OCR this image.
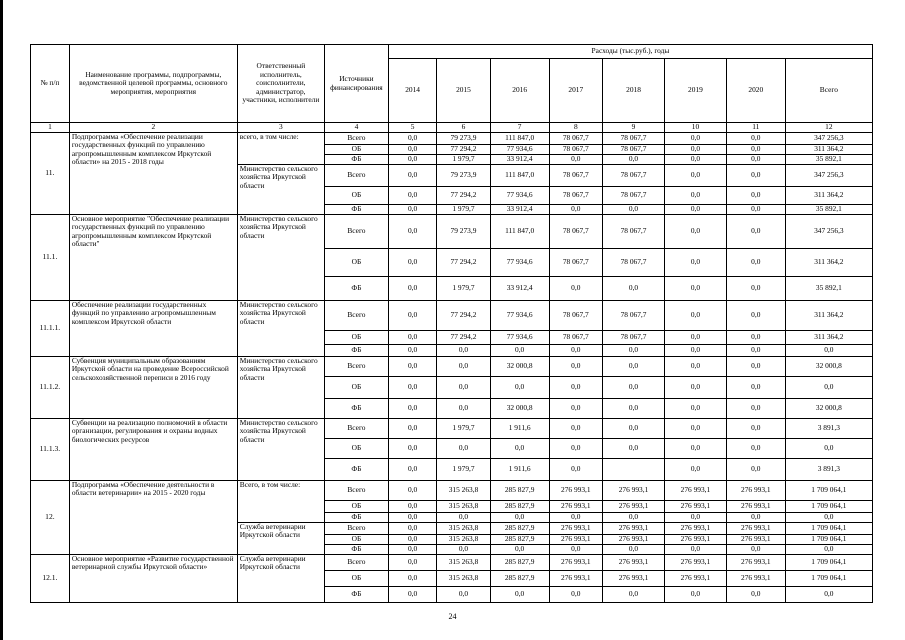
№ п/п	Наименование программы, подпрограммы, ведомственной целевой программы, основного мероприятия, мероприятия	Ответственный исполнитель, соисполнители, администратор, участники, исполнители	Источники финансирования	Расходы (тыс.руб.), годы							
				2014	2015	2016	2017	2018	2019	2020	Всего
1	2	3	4	5	6	7	8	9	10	11	12
11.	Подпрограмма «Обеспечение реализации государственных функций по управлению агропромышленным комплексом Иркутской области» на 2015 - 2018 годы	всего, в том числе:	Всего	0,0	79 273,9	111 847,0	78 067,7	78 067,7	0,0	0,0	347 256,3
			ОБ	0,0	77 294,2	77 934,6	78 067,7	78 067,7	0,0	0,0	311 364,2
			ФБ	0,0	1 979,7	33 912,4	0,0	0,0	0,0	0,0	35 892,1
		Министерство сельского хозяйства Иркутской области	Всего	0,0	79 273,9	111 847,0	78 067,7	78 067,7	0,0	0,0	347 256,3
			ОБ	0,0	77 294,2	77 934,6	78 067,7	78 067,7	0,0	0,0	311 364,2
			ФБ	0,0	1 979,7	33 912,4	0,0	0,0	0,0	0,0	35 892,1
11.1.	Основное мероприятие "Обеспечение реализации государственных функций по управлению агропромышленным комплексом Иркутской области"	Министерство сельского хозяйства Иркутской области	Всего	0,0	79 273,9	111 847,0	78 067,7	78 067,7	0,0	0,0	347 256,3
			ОБ	0,0	77 294,2	77 934,6	78 067,7	78 067,7	0,0	0,0	311 364,2
			ФБ	0,0	1 979,7	33 912,4	0,0	0,0	0,0	0,0	35 892,1
11.1.1.	Обеспечение реализации государственных функций по управлению агропромышленным комплексом Иркутской области	Министерство сельского хозяйства Иркутской области	Всего	0,0	77 294,2	77 934,6	78 067,7	78 067,7	0,0	0,0	311 364,2
			ОБ	0,0	77 294,2	77 934,6	78 067,7	78 067,7	0,0	0,0	311 364,2
			ФБ	0,0	0,0	0,0	0,0	0,0	0,0	0,0	0,0
11.1.2.	Субвенция муниципальным образованиям Иркутской области на проведение Всероссийской сельскохозяйственной переписи в 2016 году	Министерство сельского хозяйства Иркутской области	Всего	0,0	0,0	32 000,8	0,0	0,0	0,0	0,0	32 000,8
			ОБ	0,0	0,0	0,0	0,0	0,0	0,0	0,0	0,0
			ФБ	0,0	0,0	32 000,8	0,0	0,0	0,0	0,0	32 000,8
11.1.3.	Субвенции на реализацию полномочий в области организации, регулирования и охраны водных биологических ресурсов	Министерство сельского хозяйства Иркутской области	Всего	0,0	1 979,7	1 911,6	0,0	0,0	0,0	0,0	3 891,3
			ОБ	0,0	0,0	0,0	0,0	0,0	0,0	0,0	0,0
			ФБ	0,0	1 979,7	1 911,6	0,0		0,0	0,0	3 891,3
12.	Подпрограмма «Обеспечение деятельности в области ветеринарии» на 2015 - 2020 годы	Всего, в том числе:	Всего	0,0	315 263,8	285 827,9	276 993,1	276 993,1	276 993,1	276 993,1	1 709 064,1
			ОБ	0,0	315 263,8	285 827,9	276 993,1	276 993,1	276 993,1	276 993,1	1 709 064,1
			ФБ	0,0	0,0	0,0	0,0	0,0	0,0	0,0	0,0
		Служба ветеринарии Иркутской области	Всего	0,0	315 263,8	285 827,9	276 993,1	276 993,1	276 993,1	276 993,1	1 709 064,1
			ОБ	0,0	315 263,8	285 827,9	276 993,1	276 993,1	276 993,1	276 993,1	1 709 064,1
			ФБ	0,0	0,0	0,0	0,0	0,0	0,0	0,0	0,0
12.1.	Основное мероприятие «Развитие государственной ветеринарной службы Иркутской области»	Служба ветеринарии Иркутской области	Всего	0,0	315 263,8	285 827,9	276 993,1	276 993,1	276 993,1	276 993,1	1 709 064,1
			ОБ	0,0	315 263,8	285 827,9	276 993,1	276 993,1	276 993,1	276 993,1	1 709 064,1
			ФБ	0,0	0,0	0,0	0,0	0,0	0,0	0,0	0,0
24
